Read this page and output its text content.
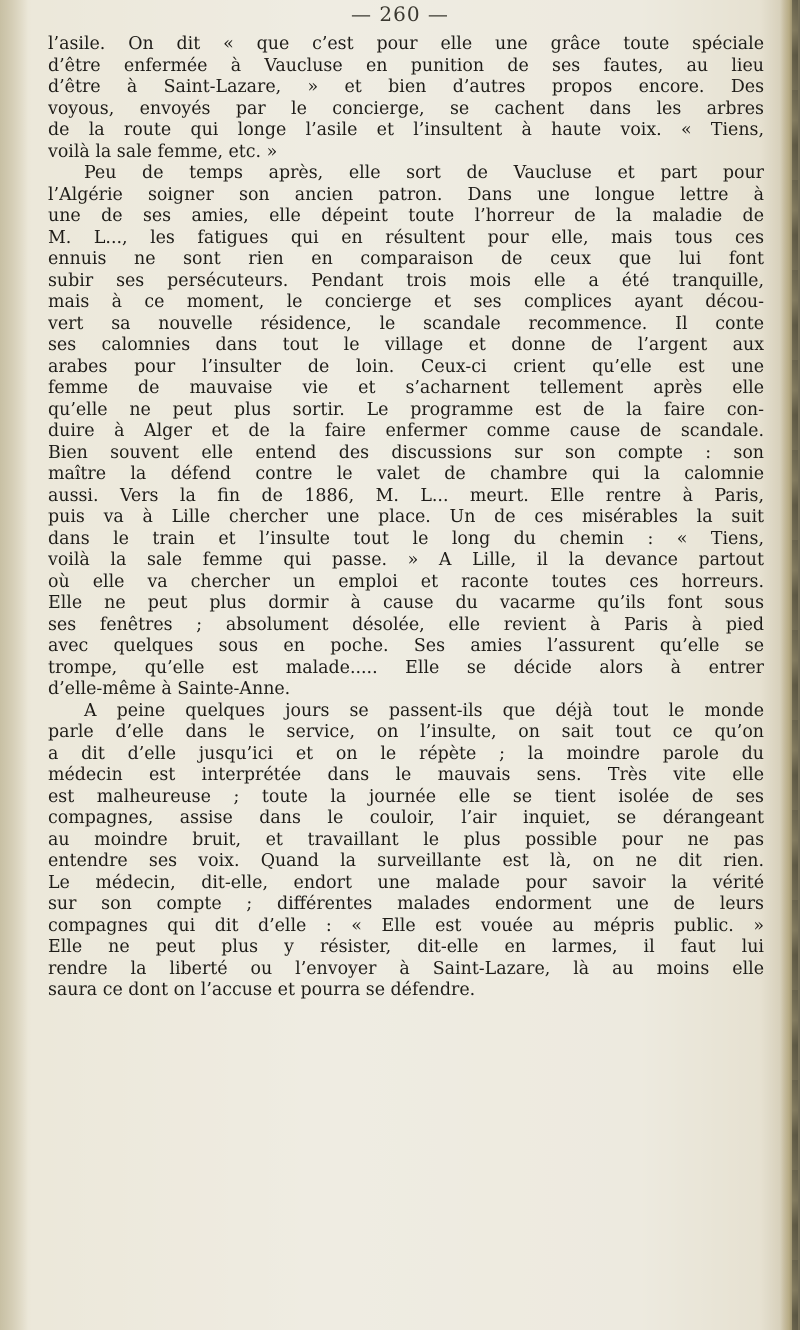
— 260 —
l’asile. On dit « que c’est pour elle une grâce toute spéciale
d’être enfermée à Vaucluse en punition de ses fautes, au lieu
d’être à Saint-Lazare, » et bien d’autres propos encore. Des
voyous, envoyés par le concierge, se cachent dans les arbres
de la route qui longe l’asile et l’insultent à haute voix. « Tiens,
voilà la sale femme, etc. »
Peu de temps après, elle sort de Vaucluse et part pour
l’Algérie soigner son ancien patron. Dans une longue lettre à
une de ses amies, elle dépeint toute l’horreur de la maladie de
M. L..., les fatigues qui en résultent pour elle, mais tous ces
ennuis ne sont rien en comparaison de ceux que lui font
subir ses persécuteurs. Pendant trois mois elle a été tranquille,
mais à ce moment, le concierge et ses complices ayant décou-
vert sa nouvelle résidence, le scandale recommence. Il conte
ses calomnies dans tout le village et donne de l’argent aux
arabes pour l’insulter de loin. Ceux-ci crient qu’elle est une
femme de mauvaise vie et s’acharnent tellement après elle
qu’elle ne peut plus sortir. Le programme est de la faire con-
duire à Alger et de la faire enfermer comme cause de scandale.
Bien souvent elle entend des discussions sur son compte : son
maître la défend contre le valet de chambre qui la calomnie
aussi. Vers la fin de 1886, M. L... meurt. Elle rentre à Paris,
puis va à Lille chercher une place. Un de ces misérables la suit
dans le train et l’insulte tout le long du chemin : « Tiens,
voilà la sale femme qui passe. » A Lille, il la devance partout
où elle va chercher un emploi et raconte toutes ces horreurs.
Elle ne peut plus dormir à cause du vacarme qu’ils font sous
ses fenêtres ; absolument désolée, elle revient à Paris à pied
avec quelques sous en poche. Ses amies l’assurent qu’elle se
trompe, qu’elle est malade..... Elle se décide alors à entrer
d’elle-même à Sainte-Anne.
A peine quelques jours se passent-ils que déjà tout le monde
parle d’elle dans le service, on l’insulte, on sait tout ce qu’on
a dit d’elle jusqu’ici et on le répète ; la moindre parole du
médecin est interprétée dans le mauvais sens. Très vite elle
est malheureuse ; toute la journée elle se tient isolée de ses
compagnes, assise dans le couloir, l’air inquiet, se dérangeant
au moindre bruit, et travaillant le plus possible pour ne pas
entendre ses voix. Quand la surveillante est là, on ne dit rien.
Le médecin, dit-elle, endort une malade pour savoir la vérité
sur son compte ; différentes malades endorment une de leurs
compagnes qui dit d’elle : « Elle est vouée au mépris public. »
Elle ne peut plus y résister, dit-elle en larmes, il faut lui
rendre la liberté ou l’envoyer à Saint-Lazare, là au moins elle
saura ce dont on l’accuse et pourra se défendre.
